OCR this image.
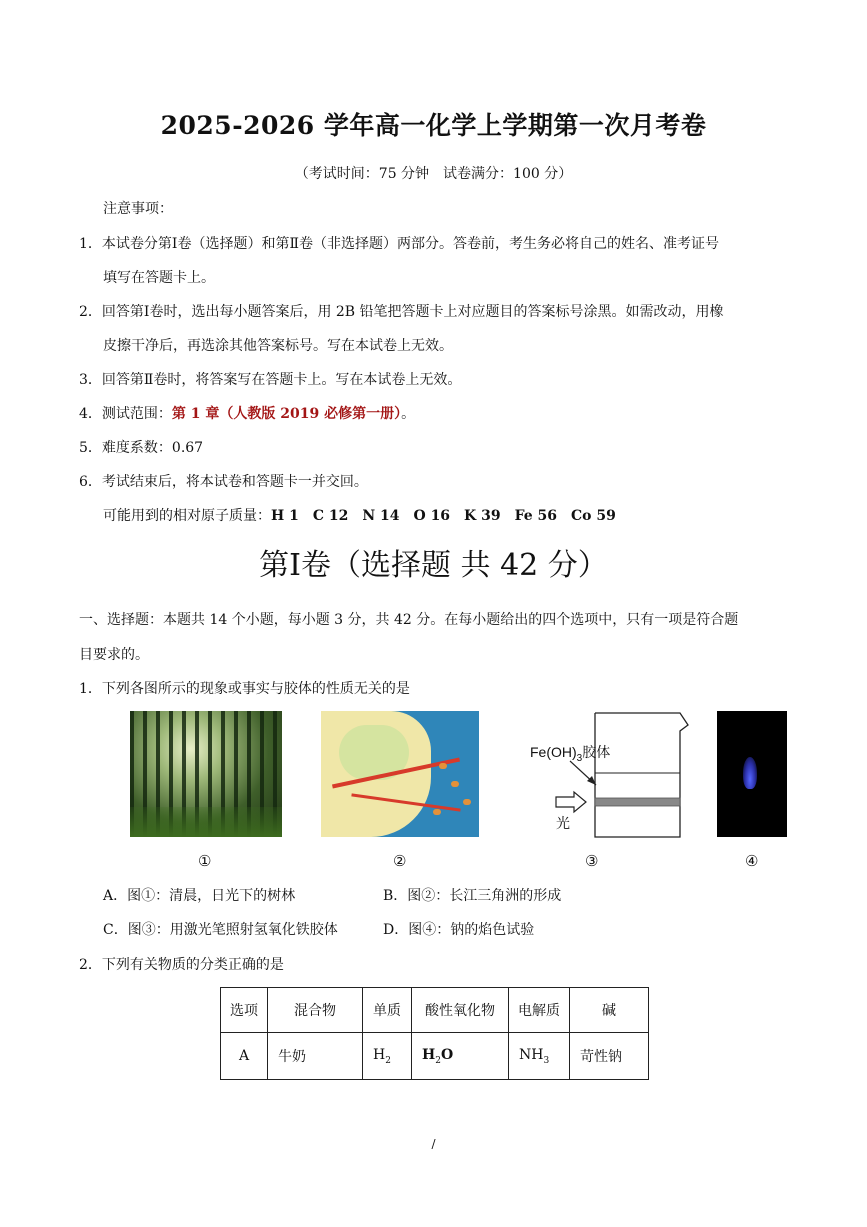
2025-2026 学年高一化学上学期第一次月考卷
（考试时间：75 分钟　试卷满分：100 分）
注意事项：
1．本试卷分第Ⅰ卷（选择题）和第Ⅱ卷（非选择题）两部分。答卷前，考生务必将自己的姓名、准考证号
填写在答题卡上。
2．回答第Ⅰ卷时，选出每小题答案后，用 2B 铅笔把答题卡上对应题目的答案标号涂黑。如需改动，用橡
皮擦干净后，再选涂其他答案标号。写在本试卷上无效。
3．回答第Ⅱ卷时，将答案写在答题卡上。写在本试卷上无效。
4．测试范围：第 1 章（人教版 2019 必修第一册）。
5．难度系数：0.67
6．考试结束后，将本试卷和答题卡一并交回。
可能用到的相对原子质量：H 1　C 12　N 14　O 16　K 39　Fe 56　Co 59
第Ⅰ卷（选择题 共 42 分）
一、选择题：本题共 14 个小题，每小题 3 分，共 42 分。在每小题给出的四个选项中，只有一项是符合题
目要求的。
1．下列各图所示的现象或事实与胶体的性质无关的是
$Fe(OH)_3$胶体
光
①	②	③	④
A．图①：清晨，日光下的树林	B．图②：长江三角洲的形成
C．图③：用激光笔照射氢氧化铁胶体	D．图④：钠的焰色试验
2．下列有关物质的分类正确的是
选项	混合物	单质	酸性氧化物	电解质	碱
A	牛奶	$H_2$	$H_2O$	$NH_3$	苛性钠
/
